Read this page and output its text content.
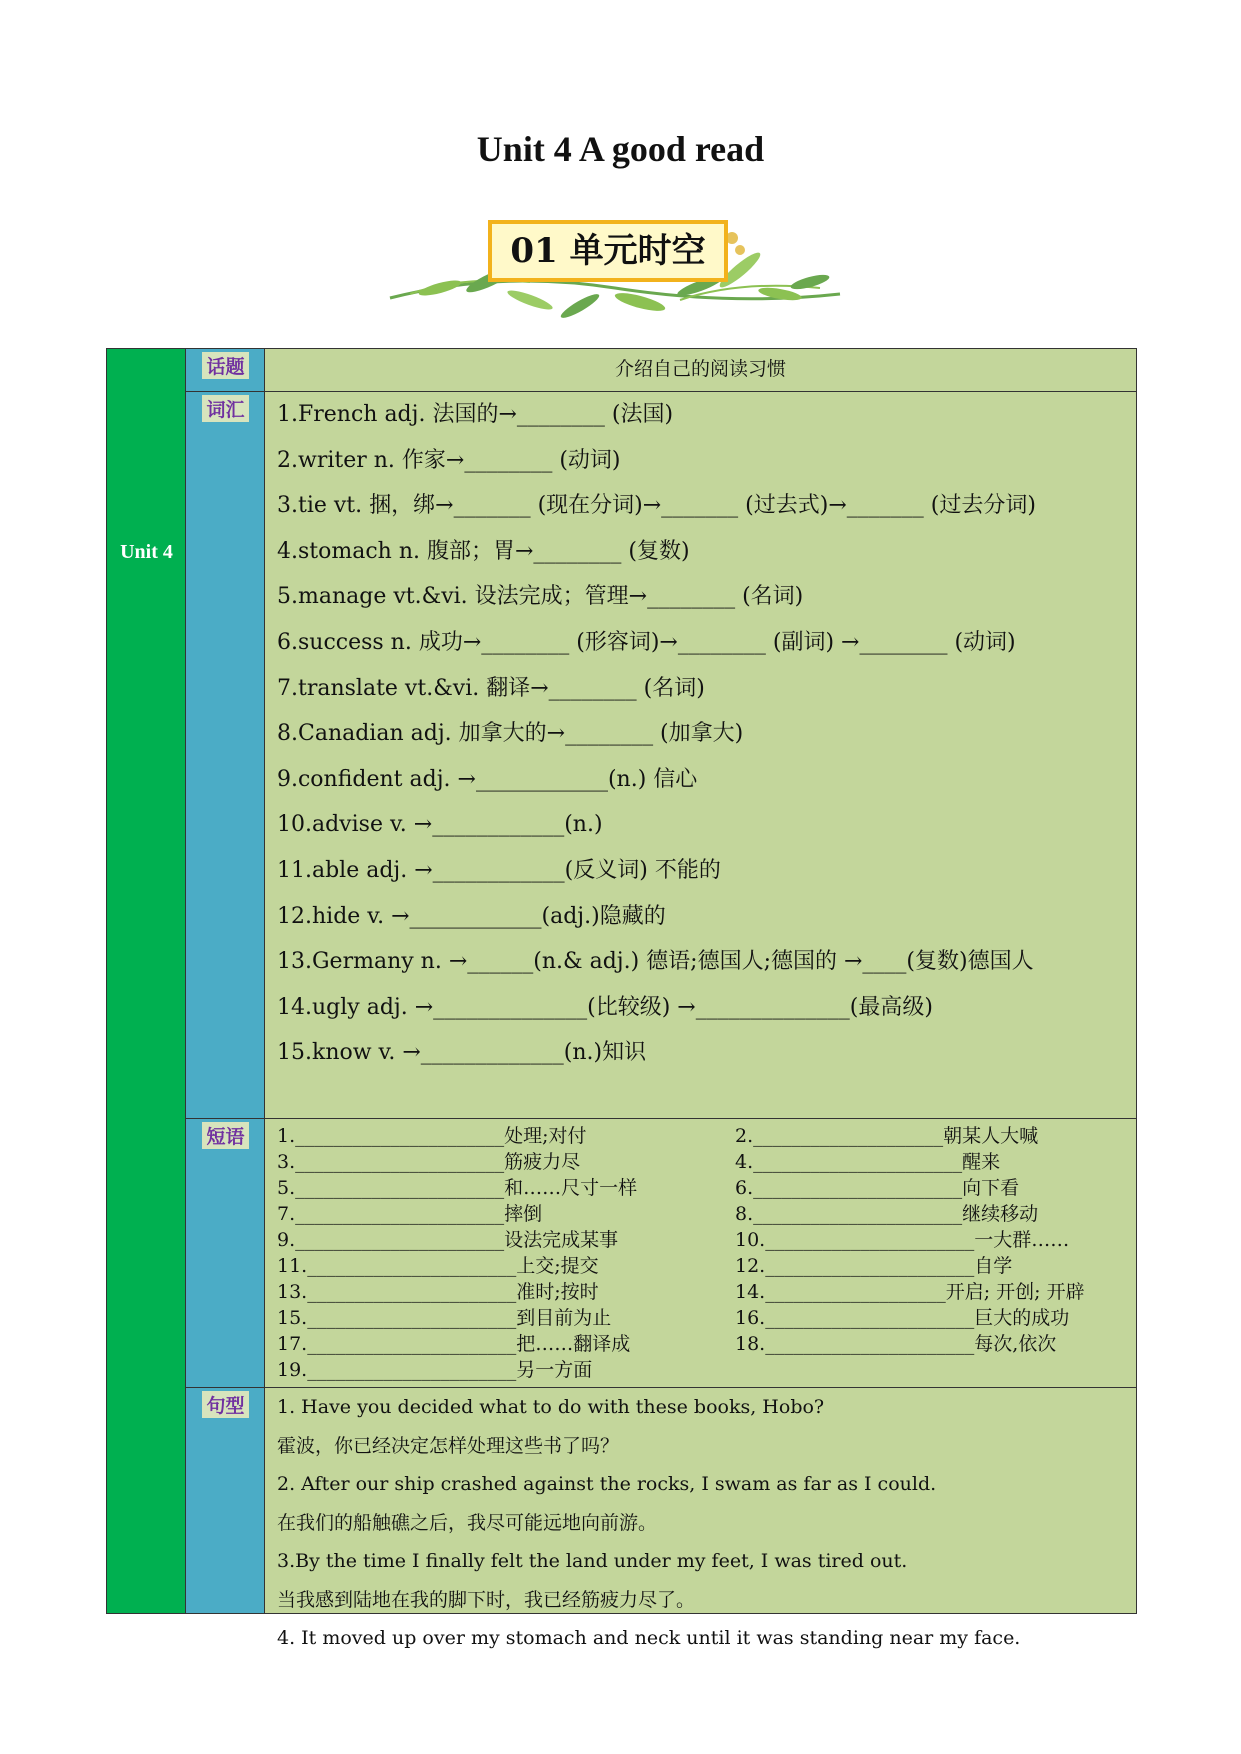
Unit 4 A good read
01 单元时空
Unit 4
话题	介绍自己的阅读习惯
词汇	1.French adj. 法国的→________ (法国)
2.writer n. 作家→________ (动词)
3.tie vt. 捆，绑→_______ (现在分词)→_______ (过去式)→_______ (过去分词)
4.stomach n. 腹部；胃→________ (复数)
5.manage vt.&vi. 设法完成；管理→________ (名词)
6.success n. 成功→________ (形容词)→________ (副词) →________ (动词)
7.translate vt.&vi. 翻译→________ (名词)
8.Canadian adj. 加拿大的→________ (加拿大)
9.confident adj. →____________(n.) 信心
10.advise v. →____________(n.)
11.able adj. →____________(反义词) 不能的
12.hide v. →____________(adj.)隐藏的
13.Germany n. →______(n.& adj.) 德语;德国人;德国的 →____(复数)德国人
14.ugly adj. →______________(比较级) →______________(最高级)
15.know v. →_____________(n.)知识
短语	1.______________________处理;对付	2.____________________朝某人大喊
3.______________________筋疲力尽	4.______________________醒来
5.______________________和……尺寸一样	6.______________________向下看
7.______________________摔倒	8.______________________继续移动
9.______________________设法完成某事	10.______________________一大群……
11.______________________上交;提交	12.______________________自学
13.______________________准时;按时	14.___________________开启; 开创; 开辟
15.______________________到目前为止	16.______________________巨大的成功
17.______________________把……翻译成	18.______________________每次,依次
19.______________________另一方面
句型	1. Have you decided what to do with these books, Hobo?
霍波，你已经决定怎样处理这些书了吗？
2. After our ship crashed against the rocks, I swam as far as I could.
在我们的船触礁之后，我尽可能远地向前游。
3.By the time I finally felt the land under my feet, I was tired out.
当我感到陆地在我的脚下时，我已经筋疲力尽了。
4. It moved up over my stomach and neck until it was standing near my face.
